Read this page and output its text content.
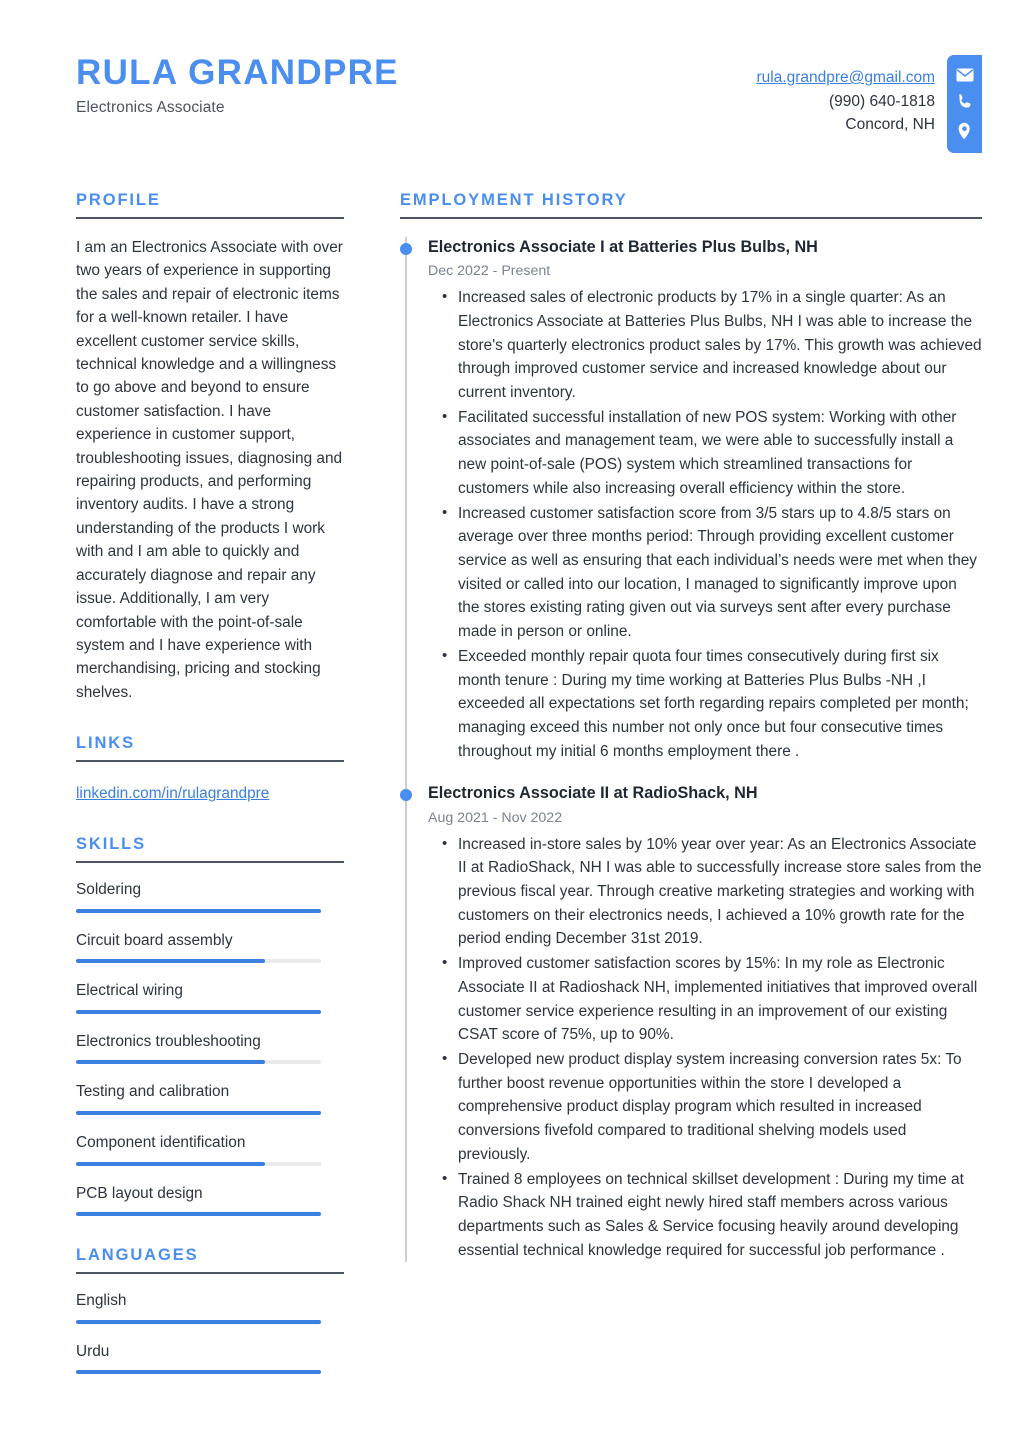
RULA GRANDPRE
Electronics Associate
rula.grandpre@gmail.com
(990) 640-1818
Concord, NH
PROFILE
I am an Electronics Associate with over two years of experience in supporting the sales and repair of electronic items for a well-known retailer. I have excellent customer service skills, technical knowledge and a willingness to go above and beyond to ensure customer satisfaction. I have experience in customer support, troubleshooting issues, diagnosing and repairing products, and performing inventory audits. I have a strong understanding of the products I work with and I am able to quickly and accurately diagnose and repair any issue. Additionally, I am very comfortable with the point-of-sale system and I have experience with merchandising, pricing and stocking shelves.
LINKS
linkedin.com/in/rulagrandpre
SKILLS
Soldering
Circuit board assembly
Electrical wiring
Electronics troubleshooting
Testing and calibration
Component identification
PCB layout design
LANGUAGES
English
Urdu
EMPLOYMENT HISTORY
Electronics Associate I at Batteries Plus Bulbs, NH
Dec 2022 - Present
• Increased sales of electronic products by 17% in a single quarter: As an Electronics Associate at Batteries Plus Bulbs, NH I was able to increase the store's quarterly electronics product sales by 17%. This growth was achieved through improved customer service and increased knowledge about our current inventory.
• Facilitated successful installation of new POS system: Working with other associates and management team, we were able to successfully install a new point-of-sale (POS) system which streamlined transactions for customers while also increasing overall efficiency within the store.
• Increased customer satisfaction score from 3/5 stars up to 4.8/5 stars on average over three months period: Through providing excellent customer service as well as ensuring that each individual’s needs were met when they visited or called into our location, I managed to significantly improve upon the stores existing rating given out via surveys sent after every purchase made in person or online.
• Exceeded monthly repair quota four times consecutively during first six month tenure : During my time working at Batteries Plus Bulbs -NH ,I exceeded all expectations set forth regarding repairs completed per month; managing exceed this number not only once but four consecutive times throughout my initial 6 months employment there .
Electronics Associate II at RadioShack, NH
Aug 2021 - Nov 2022
• Increased in-store sales by 10% year over year: As an Electronics Associate II at RadioShack, NH I was able to successfully increase store sales from the previous fiscal year. Through creative marketing strategies and working with customers on their electronics needs, I achieved a 10% growth rate for the period ending December 31st 2019.
• Improved customer satisfaction scores by 15%: In my role as Electronic Associate II at Radioshack NH, implemented initiatives that improved overall customer service experience resulting in an improvement of our existing CSAT score of 75%, up to 90%.
• Developed new product display system increasing conversion rates 5x: To further boost revenue opportunities within the store I developed a comprehensive product display program which resulted in increased conversions fivefold compared to traditional shelving models used previously.
• Trained 8 employees on technical skillset development : During my time at Radio Shack NH trained eight newly hired staff members across various departments such as Sales & Service focusing heavily around developing essential technical knowledge required for successful job performance .
